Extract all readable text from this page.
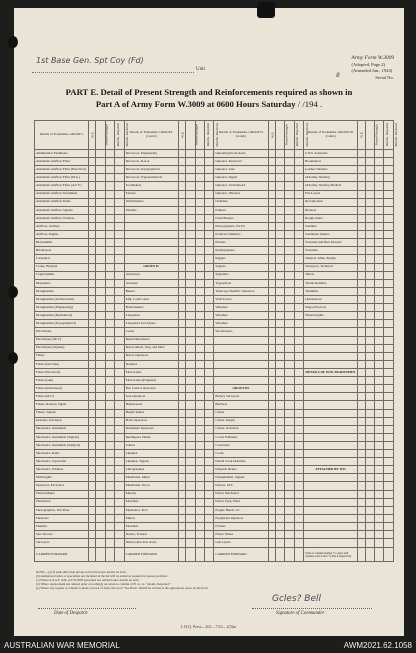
1st Base Gen. Spt Coy (Fd)
8
Unit
Army Form W.3009
(Adopted, Page 2)
(Amended Jan., 1943)
Serial No.
PART E. Detail of Present Strength and Reinforcements required as shown in
Part A of Army Form W.3009 at 0600 Hours Saturday / /194 .
Details of Tradesmen. GROUP I.	W.E.	Posted Strength	Reinfts. Required	Reinfts. Received	Details of Tradesmen. GROUP I. (contd.)	W.E.	Posted Strength	Reinfts. Required	Reinfts. Received	Details of Tradesmen. GROUP II. (contd.)	W.E.	Posted Strength	Reinfts. Required	Reinfts. Received	Details of Tradesmen. GROUP III. (contd.)	W.E.	Posted Strength	Reinfts. Required	Reinfts. Received
Ammunition Examiners					Surveyors, Engineering					Operating Room Assts.					C.P.O. Assistants				
Armament Artificer Fitter					Surveyors, R.A.A.					Operator, Keyboard					Bootmakers				
Armament Artificer Fitter (Electrical)					Surveyors, Topographical					Operator, Line					Leather Stitchers				
Armament Artificer Fitter (M.G.)					Surveyors, Trigonometrical					Operator, Signal					Orderlies, Nursing				
Armament Artificer Fitter (A.F.V.)					Toolmakers					Operator, Switchboard					Orderlies, Nursing Medical				
Armament Artificer Instrument					Turners					Operator, Wireless					Fire Layers				
Armament Artificer Radio					Watchmakers					Orderlies					Receptionists				
Armament Artificer Signals					Welders					Painters					Riveters				
Armament Artificer Wireless										Panel Beaters					Rough-riders				
Artificer, Artillery										Photographers, Pte Ptr					Saddlers				
Artificer, Engine										Predictor Numbers					Saddletree makers				
Blacksmiths										Printers					Storeman and Butt Riveters				
Bricklayers										Radiographers					Storemen				
Carpenters										Riggers					Sheeters, Mule, Engine				
Cooks, Hospital					GROUP II.					Sappers					Surveyors, Technical				
Coppersmiths					Armourers					Signallers					Tailors				
Dispensers					Assistant					Typewriters					Textile Refitters				
Draughtsmen					Bakers					Telescope Identifn. Operators					Tinsmiths				
Draughtsmen (Architectural)					Mfg. Cond's Asst.					Wall Screen					Upholsterers				
Draughtsmen (Engineering)					Boilermakers					Wheelers					Wagon Erectors				
Draughtsmen (Mechanical)					Carpenters					Wiremen					Wheelwrights				
Draughtsmen (Topographical)					Carpenters and Joiners					Wiremen									
Electricians					Cooks					Woodturners									
Electricians (M.V.)					Dental Mechanics														
Electricians (Signals)					Driver-Mech., Eng. and Med.														
Fitters					Driver-Operators														
Fitters (Dvr/Ope)					Drainers														
Fitters (Electrical)					Electricians										DETAILS OF NON-TRADESMEN.				
Fitters (Gun)					Electricians (Engineer)														
Fitters (Instrument)					Fire Control Operators					GROUP III.									
Fitters (M.V.)					Gun Operators					Battery Surveyors									
Fitters, Railway Signal					Hairdressers					Butchers									
Fitters, Signals					Height Takers					Clerks									
Grinders, Precision					Hollo Operators					Clerks, Supply									
Mechanics, Instrument					Instrument Operators					Clerks, Technical									
Mechanics, Instrument (Signals)					Intelligence Duties					Coach Trimmers									
Mechanics, Instrument (Surgical)					Joiners					Concreters									
Mechanics, Radio					Linemen					Cooks									
Mechanics, Typewriter					Linemen, Signals					Dental Clerk Orderlies									
Mechanics, Wireless					Lithographers					Dispatch Riders					ATTACHED BY W.E.				
Millwrights					Machinists, Metal					Draughtsmen, Signals									
Operators, Excavator					Machinists, Wood					Drivers, M.T.									
Pattern Maker					Masons					Driver Mechanics									
Pharmacist					Moulders					Driver Type, Plant									
Photographers, Wet Plate					Mechanics, M.T.					Engine Hands, I.C.									
Plasterers					Miners					Equipment Repairers									
Plumber					Moulders					Farriers									
Saw Doctors					Nurses, Trained					Fitters' Mates									
Surveyors					Observation Post Assts.					Gun Layers									
CARRIED FORWARD					CARRIED FORWARD					CARRIED FORWARD					Totals of columns marked * to agree with columns 4 and 5 and 7 of Part A respectively				
NOTE.—(a) If rank other than private is involved give details on back.
(b) Authorised trades or specialists not included in the list will be added as required in spaces provided.
(c) Where A.F.A.F. Adjt. A.F.W.3009 personnel are omitted enter details on back.
(d) Where replacement not desired enter accordingly on return to column of Pt. A. vs. "details. Required."
(e) Where any request or scheme is made on back of form, the word "See Back" should be written at the appropriate space on the front.
Gcles? Bell
Date of Despatch	Signature of Commander
L.H.Q. Press—262—7/43—1(5)m.
AUSTRALIAN WAR MEMORIAL	AWM2021.62.1058
